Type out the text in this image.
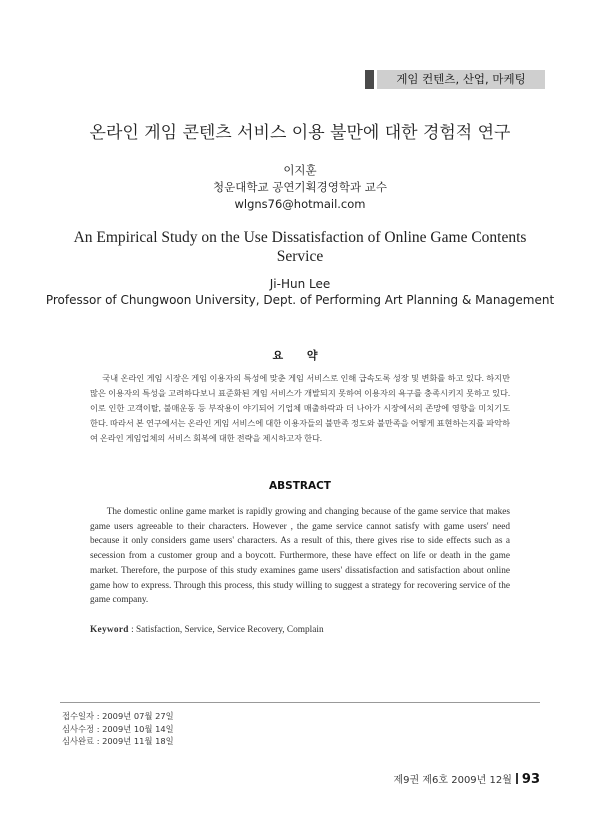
게임 컨텐츠, 산업, 마케팅
온라인 게임 콘텐츠 서비스 이용 불만에 대한 경험적 연구
이지훈
청운대학교 공연기획경영학과 교수
wlgns76@hotmail.com
An Empirical Study on the Use Dissatisfaction of Online Game Contents Service
Ji-Hun Lee
Professor of Chungwoon University, Dept. of Performing Art Planning & Management
요 약
국내 온라인 게임 시장은 게임 이용자의 특성에 맞춘 게임 서비스로 인해 급속도록 성장 및 변화를 하고 있다. 하지만 많은 이용자의 특성을 고려하다보니 표준화된 게임 서비스가 개발되지 못하여 이용자의 욕구를 충족시키지 못하고 있다. 이로 인한 고객이탈, 불매운동 등 부작용이 야기되어 기업체 매출하락과 더 나아가 시장에서의 존망에 영향을 미치기도 한다. 따라서 본 연구에서는 온라인 게임 서비스에 대한 이용자들의 불만족 정도와 불만족을 어떻게 표현하는지를 파악하여 온라인 게임업체의 서비스 회복에 대한 전략을 제시하고자 한다.
ABSTRACT
The domestic online game market is rapidly growing and changing because of the game service that makes game users agreeable to their characters. However , the game service cannot satisfy with game users' need because it only considers game users' characters. As a result of this, there gives rise to side effects such as a secession from a customer group and a boycott. Furthermore, these have effect on life or death in the game market. Therefore, the purpose of this study examines game users' dissatisfaction and satisfaction about online game how to express. Through this process, this study willing to suggest a strategy for recovering service of the game company.
Keyword : Satisfaction, Service, Service Recovery, Complain
접수일자 : 2009년 07월 27일
심사수정 : 2009년 10월 14일
심사완료 : 2009년 11월 18일
제9권 제6호 2009년 12월 93
